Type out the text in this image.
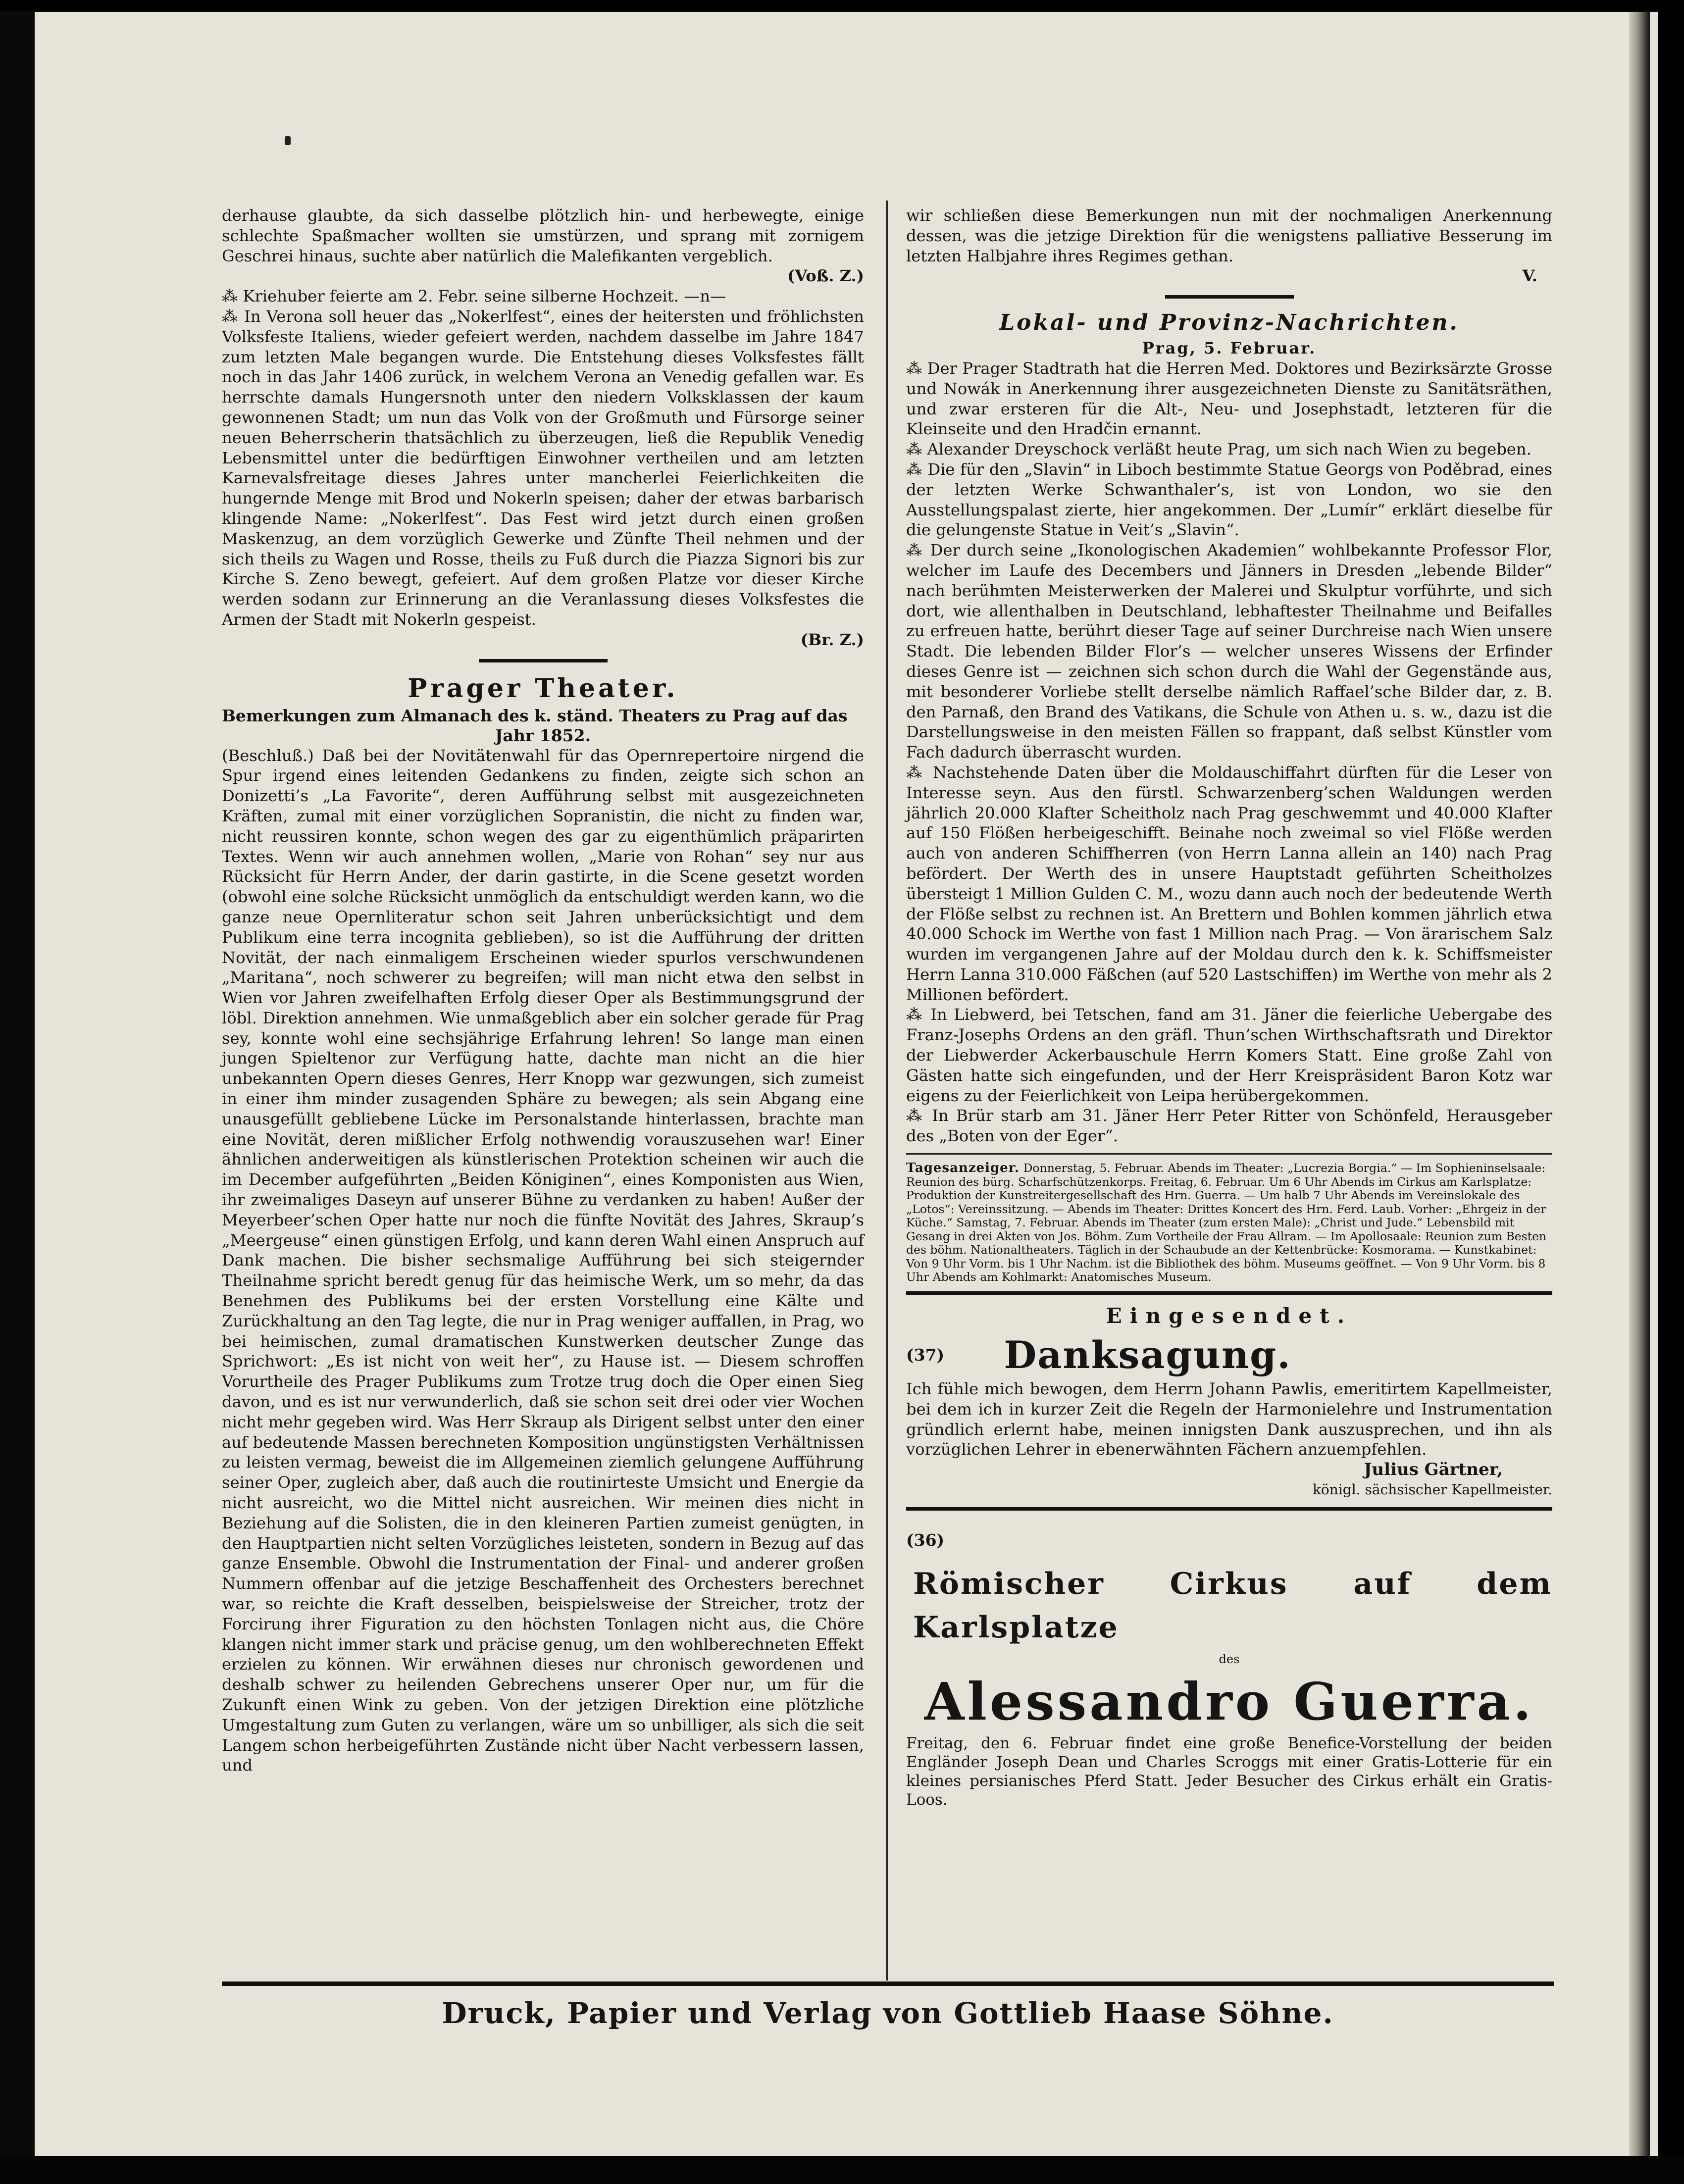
derhause glaubte, da sich dasselbe plötzlich hin- und herbewegte, einige schlechte Spaßmacher wollten sie umstürzen, und sprang mit zornigem Geschrei hinaus, suchte aber natürlich die Malefikanten vergeblich.

(Voß. Z.)

⁂ Kriehuber feierte am 2. Febr. seine silberne Hochzeit. —n—

⁂ In Verona soll heuer das „Nokerlfest“, eines der heitersten und fröhlichsten Volksfeste Italiens, wieder gefeiert werden, nachdem dasselbe im Jahre 1847 zum letzten Male begangen wurde. Die Entstehung dieses Volksfestes fällt noch in das Jahr 1406 zurück, in welchem Verona an Venedig gefallen war. Es herrschte damals Hungersnoth unter den niedern Volksklassen der kaum gewonnenen Stadt; um nun das Volk von der Großmuth und Fürsorge seiner neuen Beherrscherin thatsächlich zu überzeugen, ließ die Republik Venedig Lebensmittel unter die bedürftigen Einwohner vertheilen und am letzten Karnevalsfreitage dieses Jahres unter mancherlei Feierlichkeiten die hungernde Menge mit Brod und Nokerln speisen; daher der etwas barbarisch klingende Name: „Nokerlfest“. Das Fest wird jetzt durch einen großen Maskenzug, an dem vorzüglich Gewerke und Zünfte Theil nehmen und der sich theils zu Wagen und Rosse, theils zu Fuß durch die Piazza Signori bis zur Kirche S. Zeno bewegt, gefeiert. Auf dem großen Platze vor dieser Kirche werden sodann zur Erinnerung an die Veranlassung dieses Volksfestes die Armen der Stadt mit Nokerln gespeist.

(Br. Z.)

Prager Theater.
Bemerkungen zum Almanach des k. ständ. Theaters zu Prag auf das
Jahr 1852.

(Beschluß.) Daß bei der Novitätenwahl für das Opernrepertoire nirgend die Spur irgend eines leitenden Gedankens zu finden, zeigte sich schon an Donizetti’s „La Favorite“, deren Aufführung selbst mit ausgezeichneten Kräften, zumal mit einer vorzüglichen Sopranistin, die nicht zu finden war, nicht reussiren konnte, schon wegen des gar zu eigenthümlich präparirten Textes. Wenn wir auch annehmen wollen, „Marie von Rohan“ sey nur aus Rücksicht für Herrn Ander, der darin gastirte, in die Scene gesetzt worden (obwohl eine solche Rücksicht unmöglich da entschuldigt werden kann, wo die ganze neue Opernliteratur schon seit Jahren unberücksichtigt und dem Publikum eine terra incognita geblieben), so ist die Aufführung der dritten Novität, der nach einmaligem Erscheinen wieder spurlos verschwundenen „Maritana“, noch schwerer zu begreifen; will man nicht etwa den selbst in Wien vor Jahren zweifelhaften Erfolg dieser Oper als Bestimmungsgrund der löbl. Direktion annehmen. Wie unmaßgeblich aber ein solcher gerade für Prag sey, konnte wohl eine sechsjährige Erfahrung lehren! So lange man einen jungen Spieltenor zur Verfügung hatte, dachte man nicht an die hier unbekannten Opern dieses Genres, Herr Knopp war gezwungen, sich zumeist in einer ihm minder zusagenden Sphäre zu bewegen; als sein Abgang eine unausgefüllt gebliebene Lücke im Personalstande hinterlassen, brachte man eine Novität, deren mißlicher Erfolg nothwendig vorauszusehen war! Einer ähnlichen anderweitigen als künstlerischen Protektion scheinen wir auch die im December aufgeführten „Beiden Königinen“, eines Komponisten aus Wien, ihr zweimaliges Daseyn auf unserer Bühne zu verdanken zu haben! Außer der Meyerbeer’schen Oper hatte nur noch die fünfte Novität des Jahres, Skraup’s „Meergeuse“ einen günstigen Erfolg, und kann deren Wahl einen Anspruch auf Dank machen. Die bisher sechsmalige Aufführung bei sich steigernder Theilnahme spricht beredt genug für das heimische Werk, um so mehr, da das Benehmen des Publikums bei der ersten Vorstellung eine Kälte und Zurückhaltung an den Tag legte, die nur in Prag weniger auffallen, in Prag, wo bei heimischen, zumal dramatischen Kunstwerken deutscher Zunge das Sprichwort: „Es ist nicht von weit her“, zu Hause ist. — Diesem schroffen Vorurtheile des Prager Publikums zum Trotze trug doch die Oper einen Sieg davon, und es ist nur verwunderlich, daß sie schon seit drei oder vier Wochen nicht mehr gegeben wird. Was Herr Skraup als Dirigent selbst unter den einer auf bedeutende Massen berechneten Komposition ungünstigsten Verhältnissen zu leisten vermag, beweist die im Allgemeinen ziemlich gelungene Aufführung seiner Oper, zugleich aber, daß auch die routinirteste Umsicht und Energie da nicht ausreicht, wo die Mittel nicht ausreichen. Wir meinen dies nicht in Beziehung auf die Solisten, die in den kleineren Partien zumeist genügten, in den Hauptpartien nicht selten Vorzügliches leisteten, sondern in Bezug auf das ganze Ensemble. Obwohl die Instrumentation der Final- und anderer großen Nummern offenbar auf die jetzige Beschaffenheit des Orchesters berechnet war, so reichte die Kraft desselben, beispielsweise der Streicher, trotz der Forcirung ihrer Figuration zu den höchsten Tonlagen nicht aus, die Chöre klangen nicht immer stark und präcise genug, um den wohlberechneten Effekt erzielen zu können. Wir erwähnen dieses nur chronisch gewordenen und deshalb schwer zu heilenden Gebrechens unserer Oper nur, um für die Zukunft einen Wink zu geben. Von der jetzigen Direktion eine plötzliche Umgestaltung zum Guten zu verlangen, wäre um so unbilliger, als sich die seit Langem schon herbeigeführten Zustände nicht über Nacht verbessern lassen, und

wir schließen diese Bemerkungen nun mit der nochmaligen Anerkennung dessen, was die jetzige Direktion für die wenigstens palliative Besserung im letzten Halbjahre ihres Regimes gethan.

V.

Lokal- und Provinz-Nachrichten.
Prag, 5. Februar.

⁂ Der Prager Stadtrath hat die Herren Med. Doktores und Bezirksärzte Grosse und Nowák in Anerkennung ihrer ausgezeichneten Dienste zu Sanitätsräthen, und zwar ersteren für die Alt-, Neu- und Josephstadt, letzteren für die Kleinseite und den Hradčin ernannt.

⁂ Alexander Dreyschock verläßt heute Prag, um sich nach Wien zu begeben.

⁂ Die für den „Slavin“ in Liboch bestimmte Statue Georgs von Poděbrad, eines der letzten Werke Schwanthaler’s, ist von London, wo sie den Ausstellungspalast zierte, hier angekommen. Der „Lumír“ erklärt dieselbe für die gelungenste Statue in Veit’s „Slavin“.

⁂ Der durch seine „Ikonologischen Akademien“ wohlbekannte Professor Flor, welcher im Laufe des Decembers und Jänners in Dresden „lebende Bilder“ nach berühmten Meisterwerken der Malerei und Skulptur vorführte, und sich dort, wie allenthalben in Deutschland, lebhaftester Theilnahme und Beifalles zu erfreuen hatte, berührt dieser Tage auf seiner Durchreise nach Wien unsere Stadt. Die lebenden Bilder Flor’s — welcher unseres Wissens der Erfinder dieses Genre ist — zeichnen sich schon durch die Wahl der Gegenstände aus, mit besonderer Vorliebe stellt derselbe nämlich Raffael’sche Bilder dar, z. B. den Parnaß, den Brand des Vatikans, die Schule von Athen u. s. w., dazu ist die Darstellungsweise in den meisten Fällen so frappant, daß selbst Künstler vom Fach dadurch überrascht wurden.

⁂ Nachstehende Daten über die Moldauschiffahrt dürften für die Leser von Interesse seyn. Aus den fürstl. Schwarzenberg’schen Waldungen werden jährlich 20.000 Klafter Scheitholz nach Prag geschwemmt und 40.000 Klafter auf 150 Flößen herbeigeschifft. Beinahe noch zweimal so viel Flöße werden auch von anderen Schiffherren (von Herrn Lanna allein an 140) nach Prag befördert. Der Werth des in unsere Hauptstadt geführten Scheitholzes übersteigt 1 Million Gulden C. M., wozu dann auch noch der bedeutende Werth der Flöße selbst zu rechnen ist. An Brettern und Bohlen kommen jährlich etwa 40.000 Schock im Werthe von fast 1 Million nach Prag. — Von ärarischem Salz wurden im vergangenen Jahre auf der Moldau durch den k. k. Schiffsmeister Herrn Lanna 310.000 Fäßchen (auf 520 Lastschiffen) im Werthe von mehr als 2 Millionen befördert.

⁂ In Liebwerd, bei Tetschen, fand am 31. Jäner die feierliche Uebergabe des Franz-Josephs Ordens an den gräfl. Thun’schen Wirthschaftsrath und Direktor der Liebwerder Ackerbauschule Herrn Komers Statt. Eine große Zahl von Gästen hatte sich eingefunden, und der Herr Kreispräsident Baron Kotz war eigens zu der Feierlichkeit von Leipa herübergekommen.

⁂ In Brür starb am 31. Jäner Herr Peter Ritter von Schönfeld, Herausgeber des „Boten von der Eger“.

Tagesanzeiger. Donnerstag, 5. Februar. Abends im Theater: „Lucrezia Borgia.“ — Im Sophieninselsaale: Reunion des bürg. Scharfschützenkorps. Freitag, 6. Februar. Um 6 Uhr Abends im Cirkus am Karlsplatze: Produktion der Kunstreitergesellschaft des Hrn. Guerra. — Um halb 7 Uhr Abends im Vereinslokale des „Lotos“: Vereinssitzung. — Abends im Theater: Drittes Koncert des Hrn. Ferd. Laub. Vorher: „Ehrgeiz in der Küche.“ Samstag, 7. Februar. Abends im Theater (zum ersten Male): „Christ und Jude.“ Lebensbild mit Gesang in drei Akten von Jos. Böhm. Zum Vortheile der Frau Allram. — Im Apollosaale: Reunion zum Besten des böhm. Nationaltheaters. Täglich in der Schaubude an der Kettenbrücke: Kosmorama. — Kunstkabinet: Von 9 Uhr Vorm. bis 1 Uhr Nachm. ist die Bibliothek des böhm. Museums geöffnet. — Von 9 Uhr Vorm. bis 8 Uhr Abends am Kohlmarkt: Anatomisches Museum.
Eingesendet.
(37) Danksagung.

Ich fühle mich bewogen, dem Herrn Johann Pawlis, emeritirtem Kapellmeister, bei dem ich in kurzer Zeit die Regeln der Harmonielehre und Instrumentation gründlich erlernt habe, meinen innigsten Dank auszusprechen, und ihn als vorzüglichen Lehrer in ebenerwähnten Fächern anzuempfehlen.

Julius Gärtner,
königl. sächsischer Kapellmeister.
(36) Römischer Cirkus auf dem Karlsplatze
des
Alessandro Guerra.

Freitag, den 6. Februar findet eine große Benefice-Vorstellung der beiden Engländer Joseph Dean und Charles Scroggs mit einer Gratis-Lotterie für ein kleines persianisches Pferd Statt. Jeder Besucher des Cirkus erhält ein Gratis-Loos.

Druck, Papier und Verlag von Gottlieb Haase Söhne.
